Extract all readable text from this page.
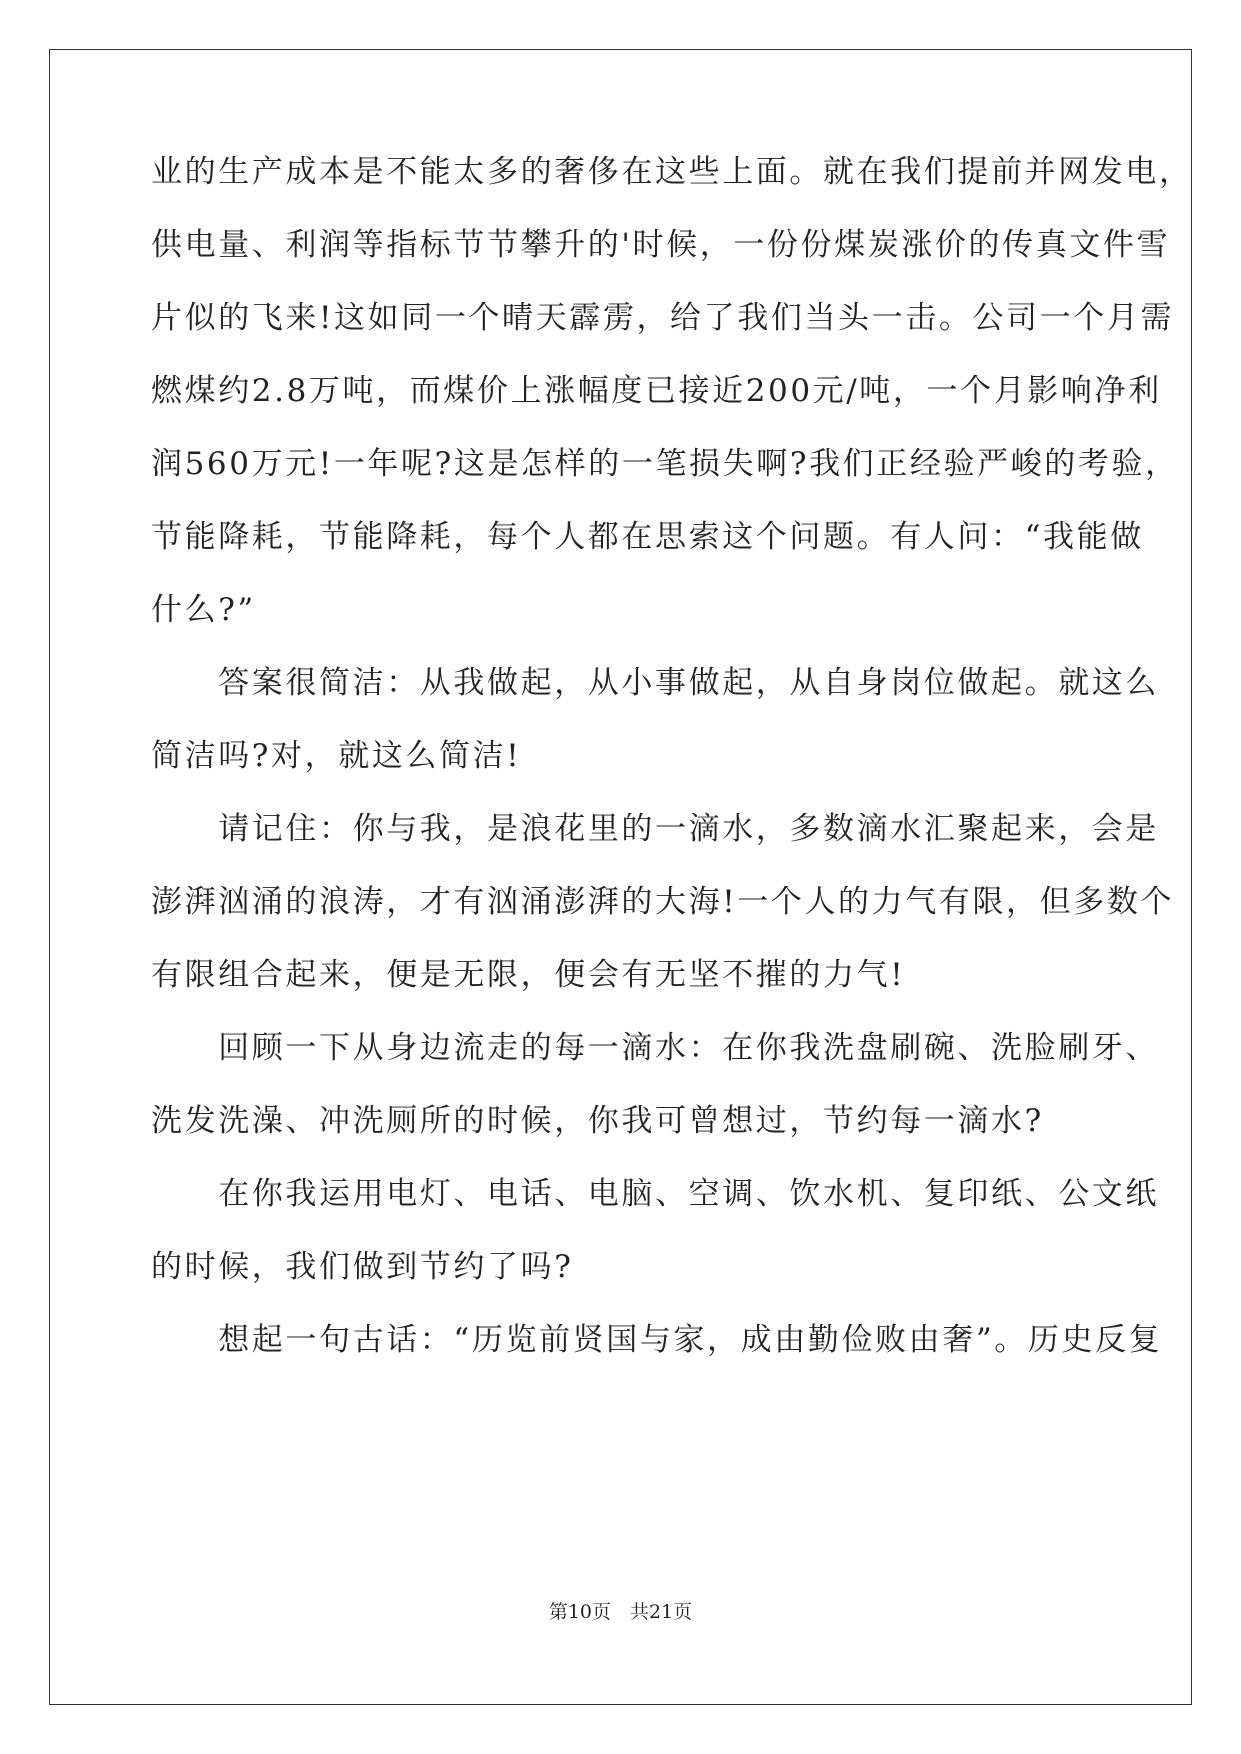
业的生产成本是不能太多的奢侈在这些上面。就在我们提前并网发电，
供电量、利润等指标节节攀升的'时候，一份份煤炭涨价的传真文件雪
片似的飞来!这如同一个晴天霹雳，给了我们当头一击。公司一个月需
燃煤约2.8万吨，而煤价上涨幅度已接近200元/吨，一个月影响净利
润560万元!一年呢?这是怎样的一笔损失啊?我们正经验严峻的考验，
节能降耗，节能降耗，每个人都在思索这个问题。有人问：“我能做
什么?”
　　答案很简洁：从我做起，从小事做起，从自身岗位做起。就这么
简洁吗?对，就这么简洁!
　　请记住：你与我，是浪花里的一滴水，多数滴水汇聚起来，会是
澎湃汹涌的浪涛，才有汹涌澎湃的大海!一个人的力气有限，但多数个
有限组合起来，便是无限，便会有无坚不摧的力气!
　　回顾一下从身边流走的每一滴水：在你我洗盘刷碗、洗脸刷牙、
洗发洗澡、冲洗厕所的时候，你我可曾想过，节约每一滴水?
　　在你我运用电灯、电话、电脑、空调、饮水机、复印纸、公文纸
的时候，我们做到节约了吗?
　　想起一句古话：“历览前贤国与家，成由勤俭败由奢”。历史反复
第10页　共21页
